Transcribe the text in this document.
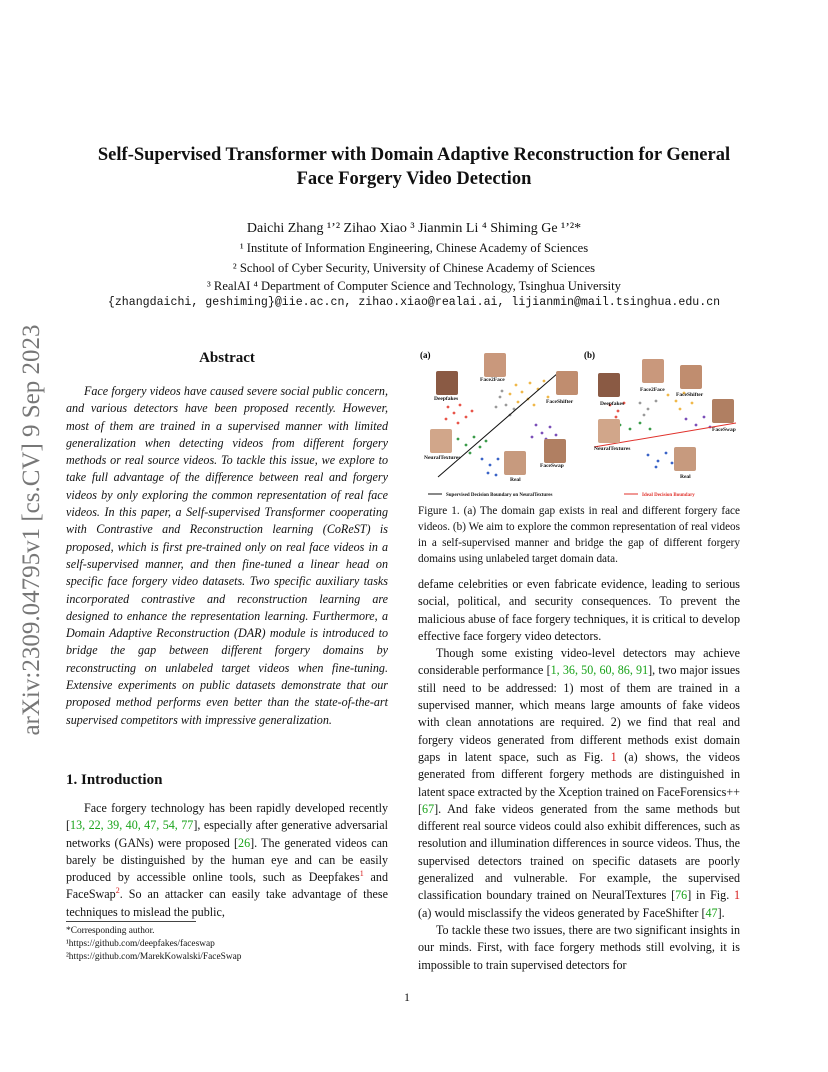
arXiv:2309.04795v1 [cs.CV] 9 Sep 2023
Self-Supervised Transformer with Domain Adaptive Reconstruction for General
Face Forgery Video Detection
Daichi Zhang ¹ʼ² Zihao Xiao ³ Jianmin Li ⁴ Shiming Ge ¹ʼ²*
¹ Institute of Information Engineering, Chinese Academy of Sciences
² School of Cyber Security, University of Chinese Academy of Sciences
³ RealAI ⁴ Department of Computer Science and Technology, Tsinghua University
{zhangdaichi, geshiming}@iie.ac.cn, zihao.xiao@realai.ai, lijianmin@mail.tsinghua.edu.cn
Abstract

Face forgery videos have caused severe social public concern, and various detectors have been proposed recently. However, most of them are trained in a supervised manner with limited generalization when detecting videos from different forgery methods or real source videos. To tackle this issue, we explore to take full advantage of the difference between real and forgery videos by only exploring the common representation of real face videos. In this paper, a Self-supervised Transformer cooperating with Contrastive and Reconstruction learning (CoReST) is proposed, which is first pre-trained only on real face videos in a self-supervised manner, and then fine-tuned a linear head on specific face forgery video datasets. Two specific auxiliary tasks incorporated contrastive and reconstruction learning are designed to enhance the representation learning. Furthermore, a Domain Adaptive Reconstruction (DAR) module is introduced to bridge the gap between different forgery domains by reconstructing on unlabeled target videos when fine-tuning. Extensive experiments on public datasets demonstrate that our proposed method performs even better than the state-of-the-art supervised competitors with impressive generalization.

1. Introduction

Face forgery technology has been rapidly developed recently [13, 22, 39, 40, 47, 54, 77], especially after generative adversarial networks (GANs) were proposed [26]. The generated videos can barely be distinguished by the human eye and can be easily produced by accessible online tools, such as Deepfakes$^1$ and FaceSwap$^2$. So an attacker can easily take advantage of these techniques to mislead the public,

*Corresponding author.
¹https://github.com/deepfakes/faceswap
²https://github.com/MarekKowalski/FaceSwap
1
(a)	(b)
Face2Face
Deepfakes	FaceShifter
NeuralTextures
FaceSwap
Real
Face2Face
Deepfakes
FaceShifter
FaceSwap
NeuralTextures
Real
Supervised Decision Boundary on NeuralTextures	Ideal Decision Boundary
Figure 1. (a) The domain gap exists in real and different forgery face videos. (b) We aim to explore the common representation of real videos in a self-supervised manner and bridge the gap of different forgery domains using unlabeled target domain data.

defame celebrities or even fabricate evidence, leading to serious social, political, and security consequences. To prevent the malicious abuse of face forgery techniques, it is critical to develop effective face forgery video detectors.

Though some existing video-level detectors may achieve considerable performance [1, 36, 50, 60, 86, 91], two major issues still need to be addressed: 1) most of them are trained in a supervised manner, which means large amounts of fake videos with clean annotations are required. 2) we find that real and forgery videos generated from different methods exist domain gaps in latent space, such as Fig. 1 (a) shows, the videos generated from different forgery methods are distinguished in latent space extracted by the Xception trained on FaceForensics++ [67]. And fake videos generated from the same methods but different real source videos could also exhibit differences, such as resolution and illumination differences in source videos. Thus, the supervised detectors trained on specific datasets are poorly generalized and vulnerable. For example, the supervised classification boundary trained on NeuralTextures [76] in Fig. 1 (a) would misclassify the videos generated by FaceShifter [47].

To tackle these two issues, there are two significant insights in our minds. First, with face forgery methods still evolving, it is impossible to train supervised detectors for
